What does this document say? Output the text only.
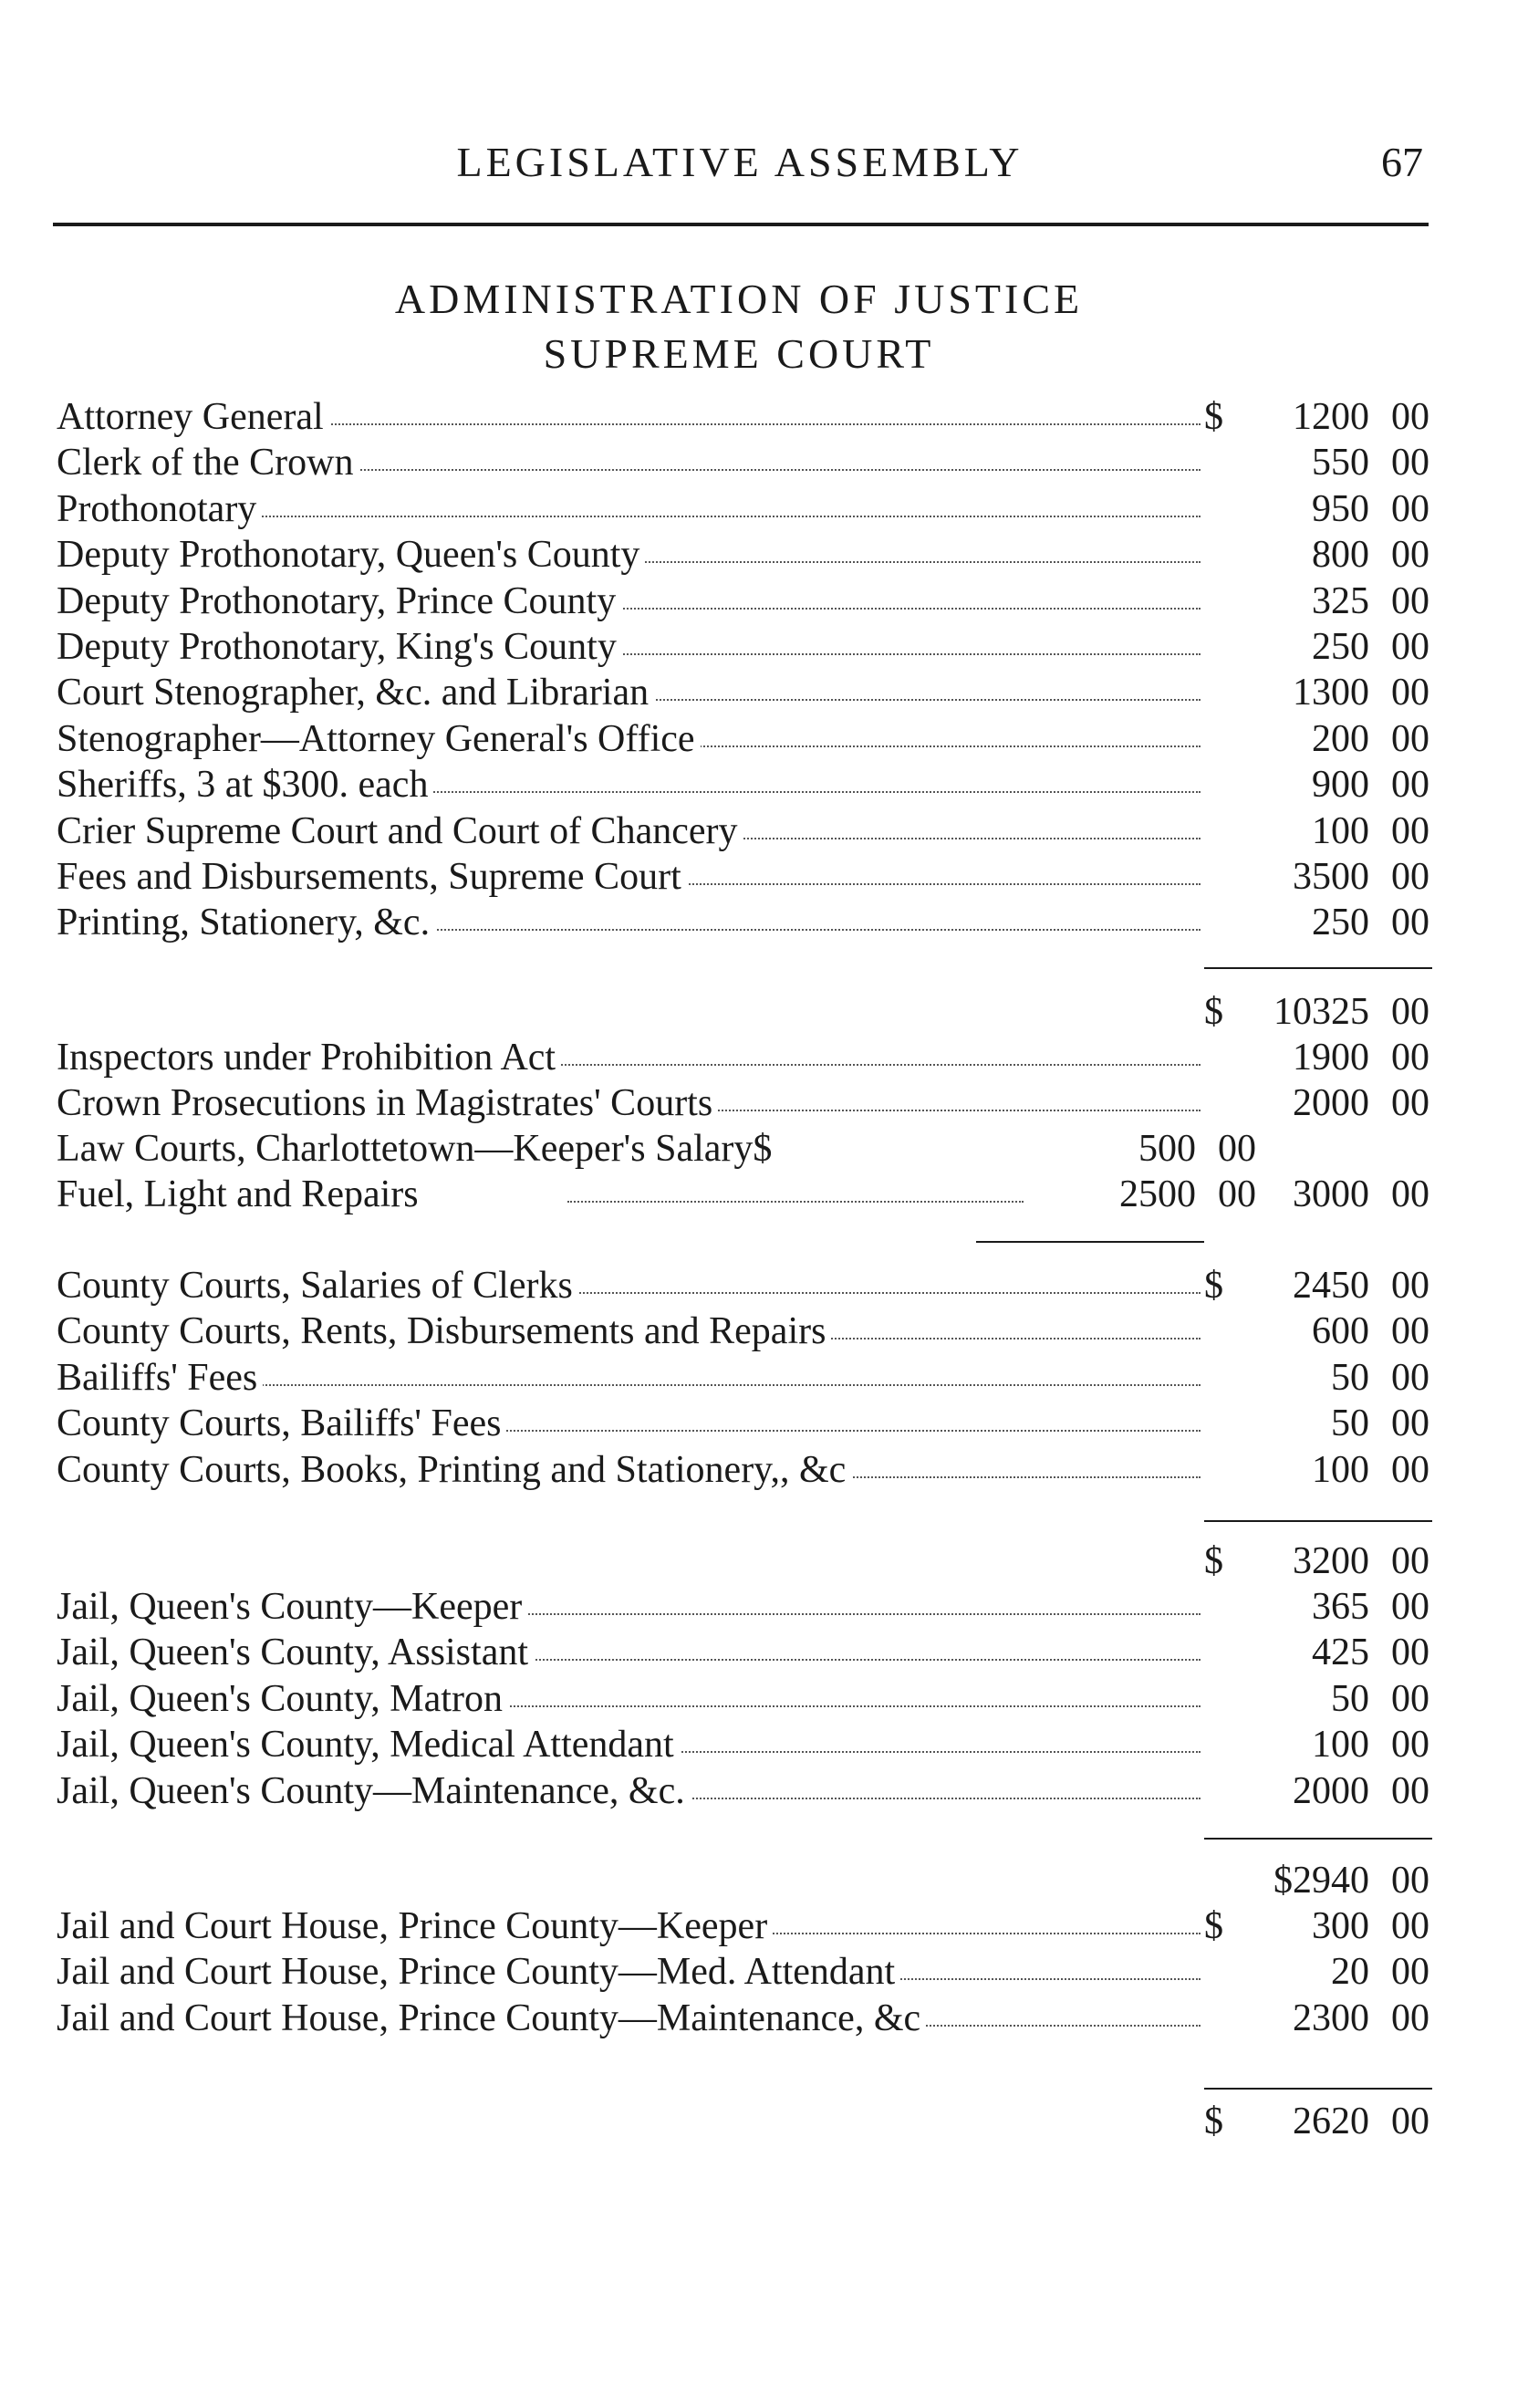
LEGISLATIVE ASSEMBLY	67
ADMINISTRATION OF JUSTICE
SUPREME COURT
Attorney General	$ 1200 00
Clerk of the Crown	550 00
Prothonotary	950 00
Deputy Prothonotary, Queen's County	800 00
Deputy Prothonotary, Prince County	325 00
Deputy Prothonotary, King's County	250 00
Court Stenographer, &c. and Librarian	1300 00
Stenographer—Attorney General's Office	200 00
Sheriffs, 3 at $300. each	900 00
Crier Supreme Court and Court of Chancery	100 00
Fees and Disbursements, Supreme Court	3500 00
Printing, Stationery, &c.	250 00
$ 10325 00
Inspectors under Prohibition Act	1900 00
Crown Prosecutions in Magistrates' Courts	2000 00
Law Courts, Charlottetown—Keeper's Salary$	500 00
Fuel, Light and Repairs	2500 00 3000 00
County Courts, Salaries of Clerks	$ 2450 00
County Courts, Rents, Disbursements and Repairs	600 00
Bailiffs' Fees	50 00
County Courts, Bailiffs' Fees	50 00
County Courts, Books, Printing and Stationery,, &c	100 00
$ 3200 00
Jail, Queen's County—Keeper	365 00
Jail, Queen's County, Assistant	425 00
Jail, Queen's County, Matron	50 00
Jail, Queen's County, Medical Attendant	100 00
Jail, Queen's County—Maintenance, &c.	2000 00
$2940 00
Jail and Court House, Prince County—Keeper	$ 300 00
Jail and Court House, Prince County—Med. Attendant	20 00
Jail and Court House, Prince County—Maintenance, &c	2300 00
$ 2620 00
